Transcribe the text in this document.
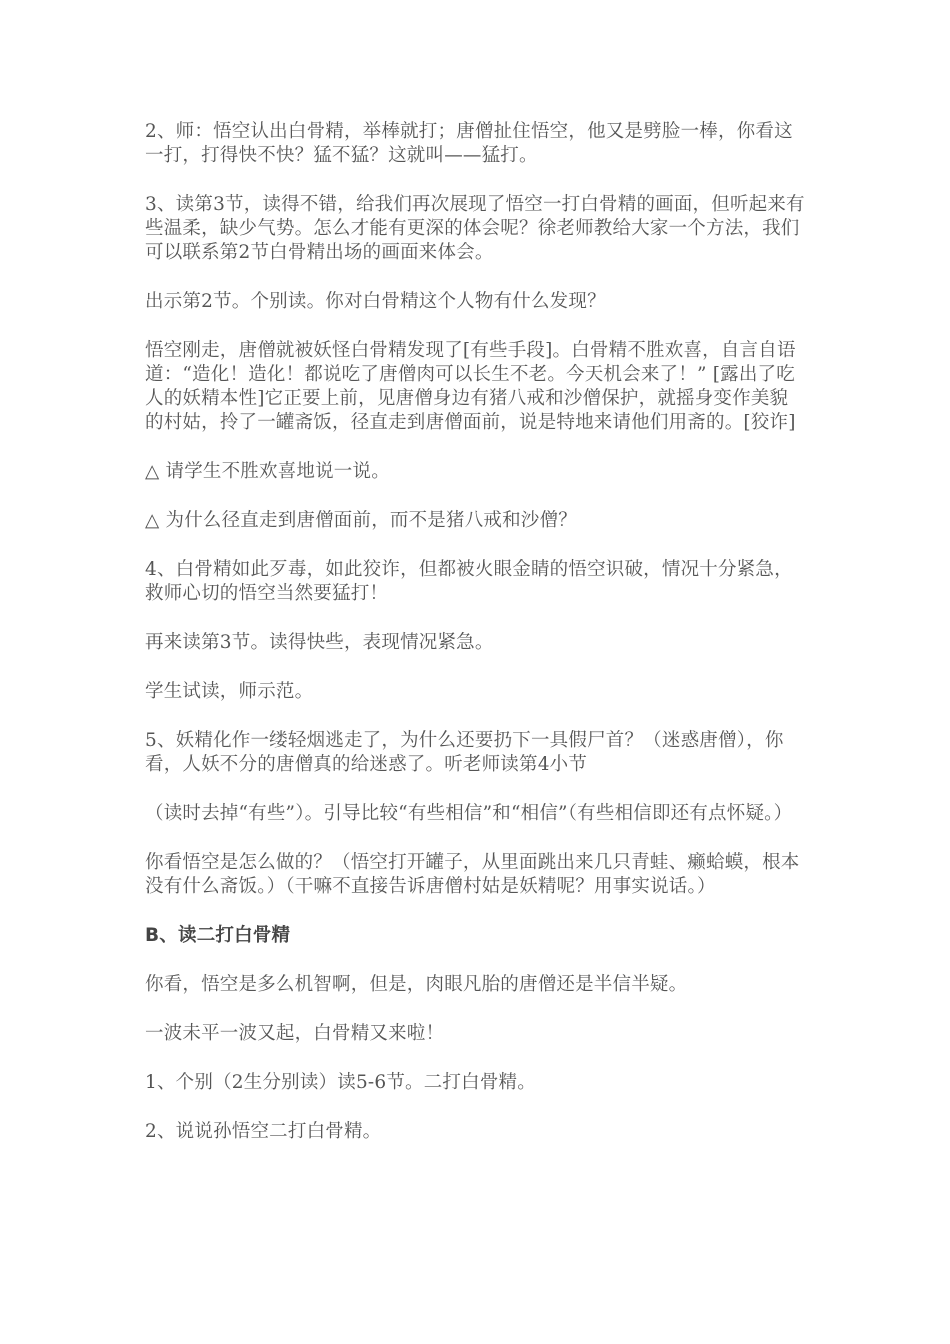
2、师：悟空认出白骨精，举棒就打；唐僧扯住悟空，他又是劈脸一棒，你看这一打，打得快不快？猛不猛？这就叫——猛打。

3、读第3节，读得不错，给我们再次展现了悟空一打白骨精的画面，但听起来有些温柔，缺少气势。怎么才能有更深的体会呢？徐老师教给大家一个方法，我们可以联系第2节白骨精出场的画面来体会。

出示第2节。个别读。你对白骨精这个人物有什么发现？

悟空刚走，唐僧就被妖怪白骨精发现了[有些手段]。白骨精不胜欢喜，自言自语道：“造化！造化！都说吃了唐僧肉可以长生不老。今天机会来了！” [露出了吃人的妖精本性]它正要上前，见唐僧身边有猪八戒和沙僧保护，就摇身变作美貌的村姑，拎了一罐斋饭，径直走到唐僧面前，说是特地来请他们用斋的。[狡诈]

△ 请学生不胜欢喜地说一说。

△ 为什么径直走到唐僧面前，而不是猪八戒和沙僧？

4、白骨精如此歹毒，如此狡诈，但都被火眼金睛的悟空识破，情况十分紧急，救师心切的悟空当然要猛打！

再来读第3节。读得快些，表现情况紧急。

学生试读，师示范。

5、妖精化作一缕轻烟逃走了，为什么还要扔下一具假尸首？（迷惑唐僧），你看，人妖不分的唐僧真的给迷惑了。听老师读第4小节

（读时去掉“有些”）。引导比较“有些相信”和“相信”（有些相信即还有点怀疑。）

你看悟空是怎么做的？（悟空打开罐子，从里面跳出来几只青蛙、癞蛤蟆，根本没有什么斋饭。）（干嘛不直接告诉唐僧村姑是妖精呢？用事实说话。）

B、读二打白骨精

你看，悟空是多么机智啊，但是，肉眼凡胎的唐僧还是半信半疑。

一波未平一波又起，白骨精又来啦！

1、个别（2生分别读）读5-6节。二打白骨精。

2、说说孙悟空二打白骨精。
